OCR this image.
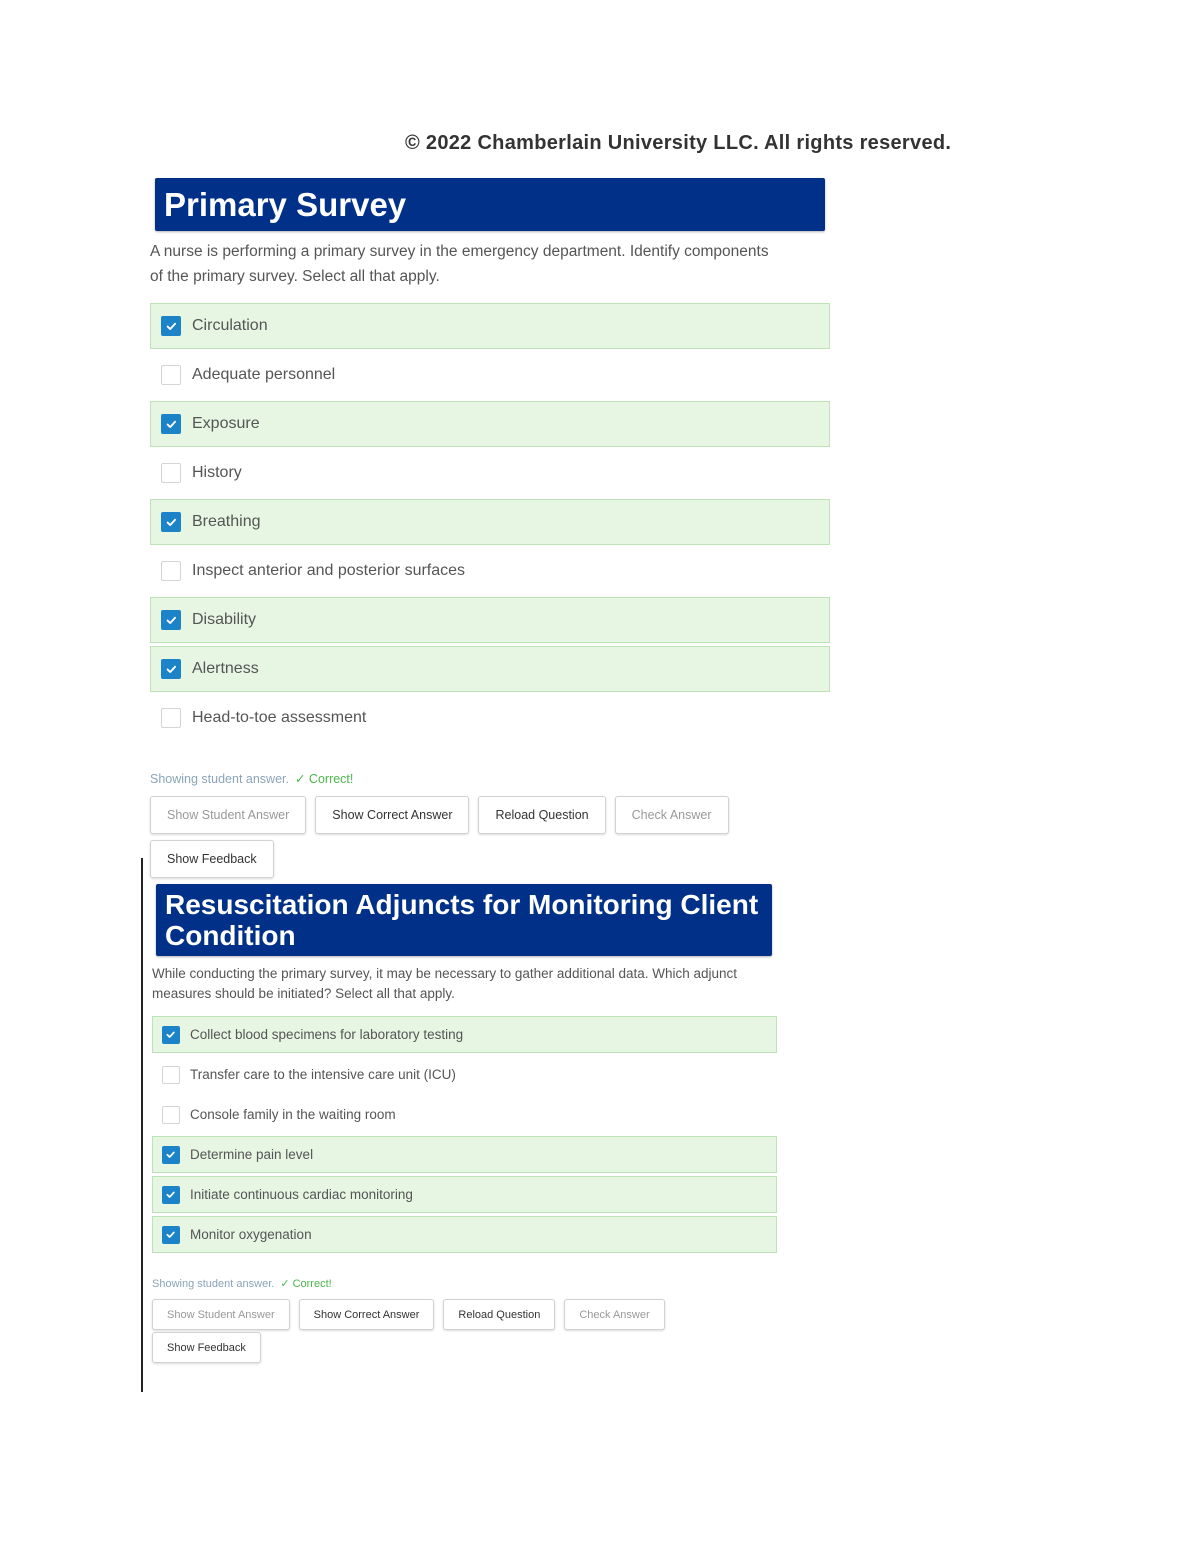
© 2022 Chamberlain University LLC. All rights reserved.
Primary Survey

A nurse is performing a primary survey in the emergency department. Identify components of the primary survey. Select all that apply.

Circulation
Adequate personnel
Exposure
History
Breathing
Inspect anterior and posterior surfaces
Disability
Alertness
Head-to-toe assessment
Showing student answer. ✓ Correct!
Show Student Answer	Show Correct Answer	Reload Question	Check Answer
Show Feedback
Resuscitation Adjuncts for Monitoring Client Condition

While conducting the primary survey, it may be necessary to gather additional data. Which adjunct measures should be initiated? Select all that apply.

Collect blood specimens for laboratory testing
Transfer care to the intensive care unit (ICU)
Console family in the waiting room
Determine pain level
Initiate continuous cardiac monitoring
Monitor oxygenation
Showing student answer. ✓ Correct!
Show Student Answer	Show Correct Answer	Reload Question	Check Answer
Show Feedback
